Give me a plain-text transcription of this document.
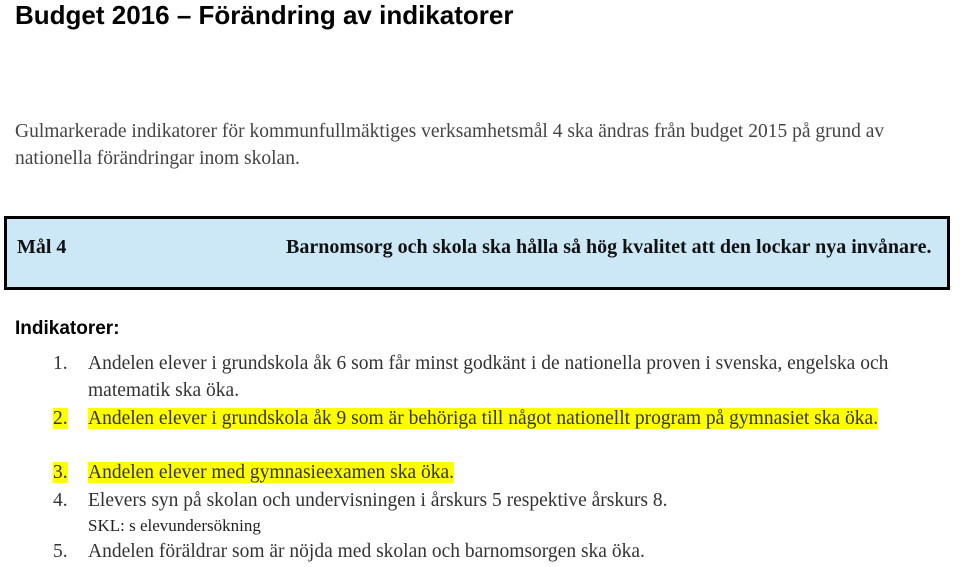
Budget 2016 – Förändring av indikatorer

Gulmarkerade indikatorer för kommunfullmäktiges verksamhetsmål 4 ska ändras från budget 2015 på grund av nationella förändringar inom skolan.

Mål 4	Barnomsorg och skola ska hålla så hög kvalitet att den lockar nya invånare.
Indikatorer:
1.	Andelen elever i grundskola åk 6 som får minst godkänt i de nationella proven i svenska, engelska och matematik ska öka.
2.	Andelen elever i grundskola åk 9 som är behöriga till något nationellt program på gymnasiet ska öka.
3.	Andelen elever med gymnasieexamen ska öka.
4.	Elevers syn på skolan och undervisningen i årskurs 5 respektive årskurs 8.
SKL: s elevundersökning
5.	Andelen föräldrar som är nöjda med skolan och barnomsorgen ska öka.
